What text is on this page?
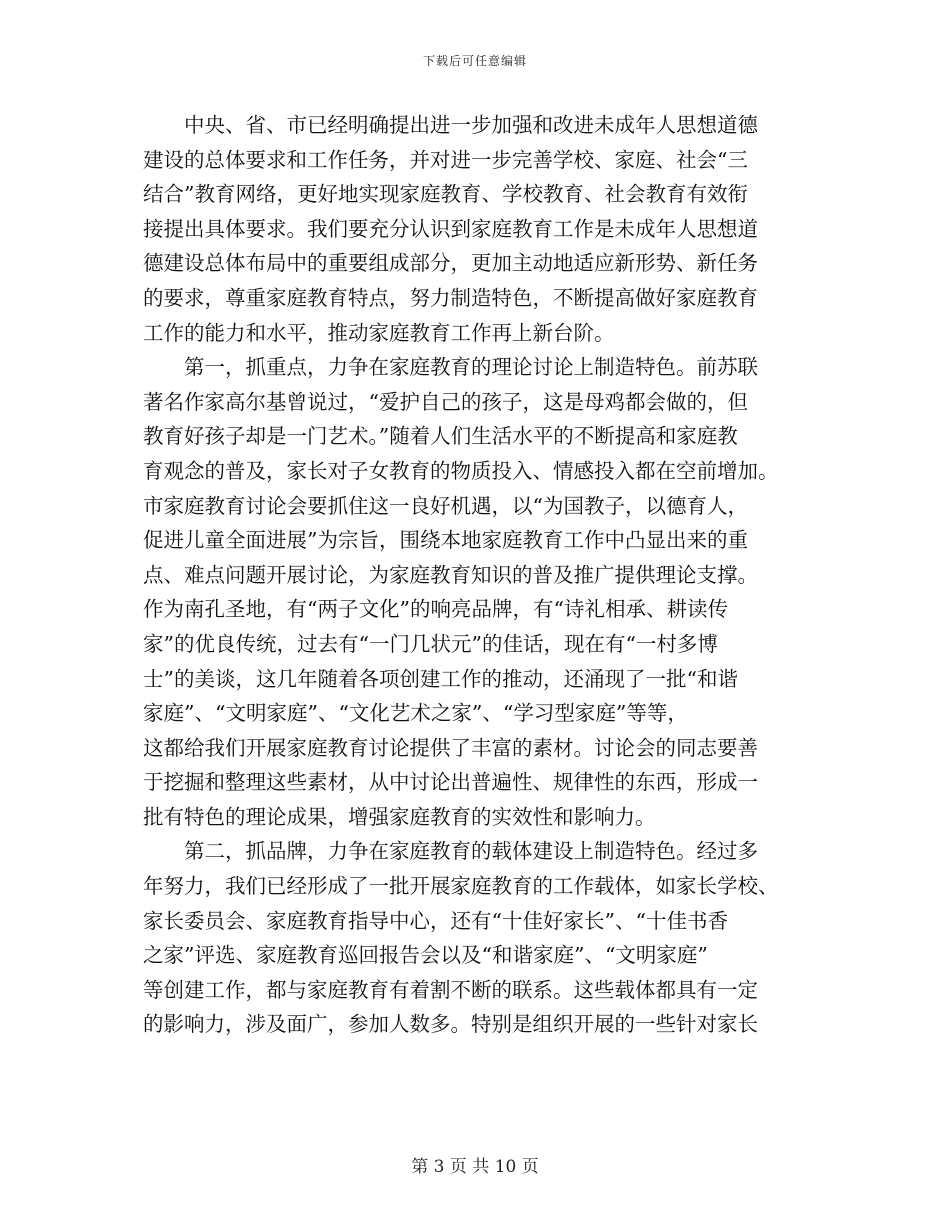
下载后可任意编辑
　　中央、省、市已经明确提出进一步加强和改进未成年人思想道德
建设的总体要求和工作任务，并对进一步完善学校、家庭、社会“三
结合”教育网络，更好地实现家庭教育、学校教育、社会教育有效衔
接提出具体要求。我们要充分认识到家庭教育工作是未成年人思想道
德建设总体布局中的重要组成部分，更加主动地适应新形势、新任务
的要求，尊重家庭教育特点，努力制造特色，不断提高做好家庭教育
工作的能力和水平，推动家庭教育工作再上新台阶。
　　第一，抓重点，力争在家庭教育的理论讨论上制造特色。前苏联
著名作家高尔基曾说过，“爱护自己的孩子，这是母鸡都会做的，但
教育好孩子却是一门艺术。”随着人们生活水平的不断提高和家庭教
育观念的普及，家长对子女教育的物质投入、情感投入都在空前增加。
市家庭教育讨论会要抓住这一良好机遇，以“为国教子，以德育人，
促进儿童全面进展”为宗旨，围绕本地家庭教育工作中凸显出来的重
点、难点问题开展讨论，为家庭教育知识的普及推广提供理论支撑。
作为南孔圣地，有“两子文化”的响亮品牌，有“诗礼相承、耕读传
家”的优良传统，过去有“一门几状元”的佳话，现在有“一村多博
士”的美谈，这几年随着各项创建工作的推动，还涌现了一批“和谐
家庭”、“文明家庭”、“文化艺术之家”、“学习型家庭”等等，
这都给我们开展家庭教育讨论提供了丰富的素材。讨论会的同志要善
于挖掘和整理这些素材，从中讨论出普遍性、规律性的东西，形成一
批有特色的理论成果，增强家庭教育的实效性和影响力。
　　第二，抓品牌，力争在家庭教育的载体建设上制造特色。经过多
年努力，我们已经形成了一批开展家庭教育的工作载体，如家长学校、
家长委员会、家庭教育指导中心，还有“十佳好家长”、“十佳书香
之家”评选、家庭教育巡回报告会以及“和谐家庭”、“文明家庭”
等创建工作，都与家庭教育有着割不断的联系。这些载体都具有一定
的影响力，涉及面广，参加人数多。特别是组织开展的一些针对家长
第 3 页 共 10 页
